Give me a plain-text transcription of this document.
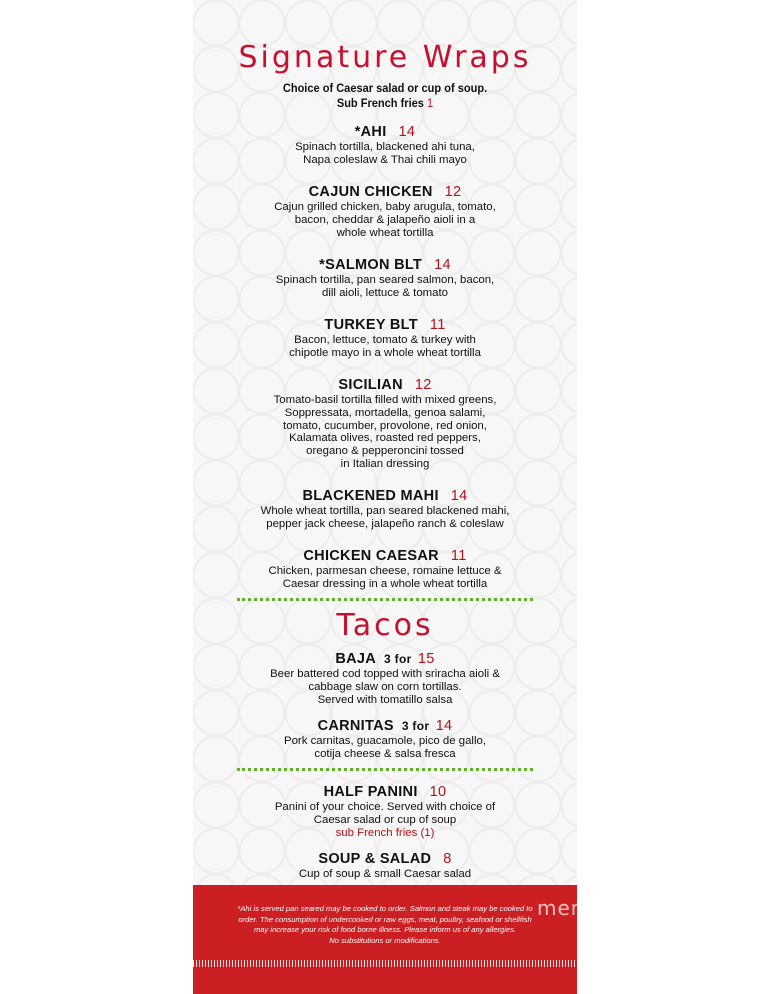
Signature Wraps
Choice of Caesar salad or cup of soup.
Sub French fries 1
*AHI 14
Spinach tortilla, blackened ahi tuna,
Napa coleslaw & Thai chili mayo
CAJUN CHICKEN 12
Cajun grilled chicken, baby arugula, tomato,
bacon, cheddar & jalapeño aioli in a
whole wheat tortilla
*SALMON BLT 14
Spinach tortilla, pan seared salmon, bacon,
dill aioli, lettuce & tomato
TURKEY BLT 11
Bacon, lettuce, tomato & turkey with
chipotle mayo in a whole wheat tortilla
SICILIAN 12
Tomato-basil tortilla filled with mixed greens,
Soppressata, mortadella, genoa salami,
tomato, cucumber, provolone, red onion,
Kalamata olives, roasted red peppers,
oregano & pepperoncini tossed
in Italian dressing
BLACKENED MAHI 14
Whole wheat tortilla, pan seared blackened mahi,
pepper jack cheese, jalapeño ranch & coleslaw
CHICKEN CAESAR 11
Chicken, parmesan cheese, romaine lettuce &
Caesar dressing in a whole wheat tortilla
Tacos
BAJA 3 for 15
Beer battered cod topped with sriracha aioli &
cabbage slaw on corn tortillas.
Served with tomatillo salsa
CARNITAS 3 for 14
Pork carnitas, guacamole, pico de gallo,
cotija cheese & salsa fresca
HALF PANINI 10
Panini of your choice. Served with choice of
Caesar salad or cup of soup
sub French fries (1)
SOUP & SALAD 8
Cup of soup & small Caesar salad
*Ahi is served pan seared may be cooked to order. Salmon and steak may be cooked to
order. The consumption of undercooked or raw eggs, meat, poultry, seafood or shellfish
may increase your risk of food borne illness. Please inform us of any allergies.
No substitutions or modifications.
menupix
